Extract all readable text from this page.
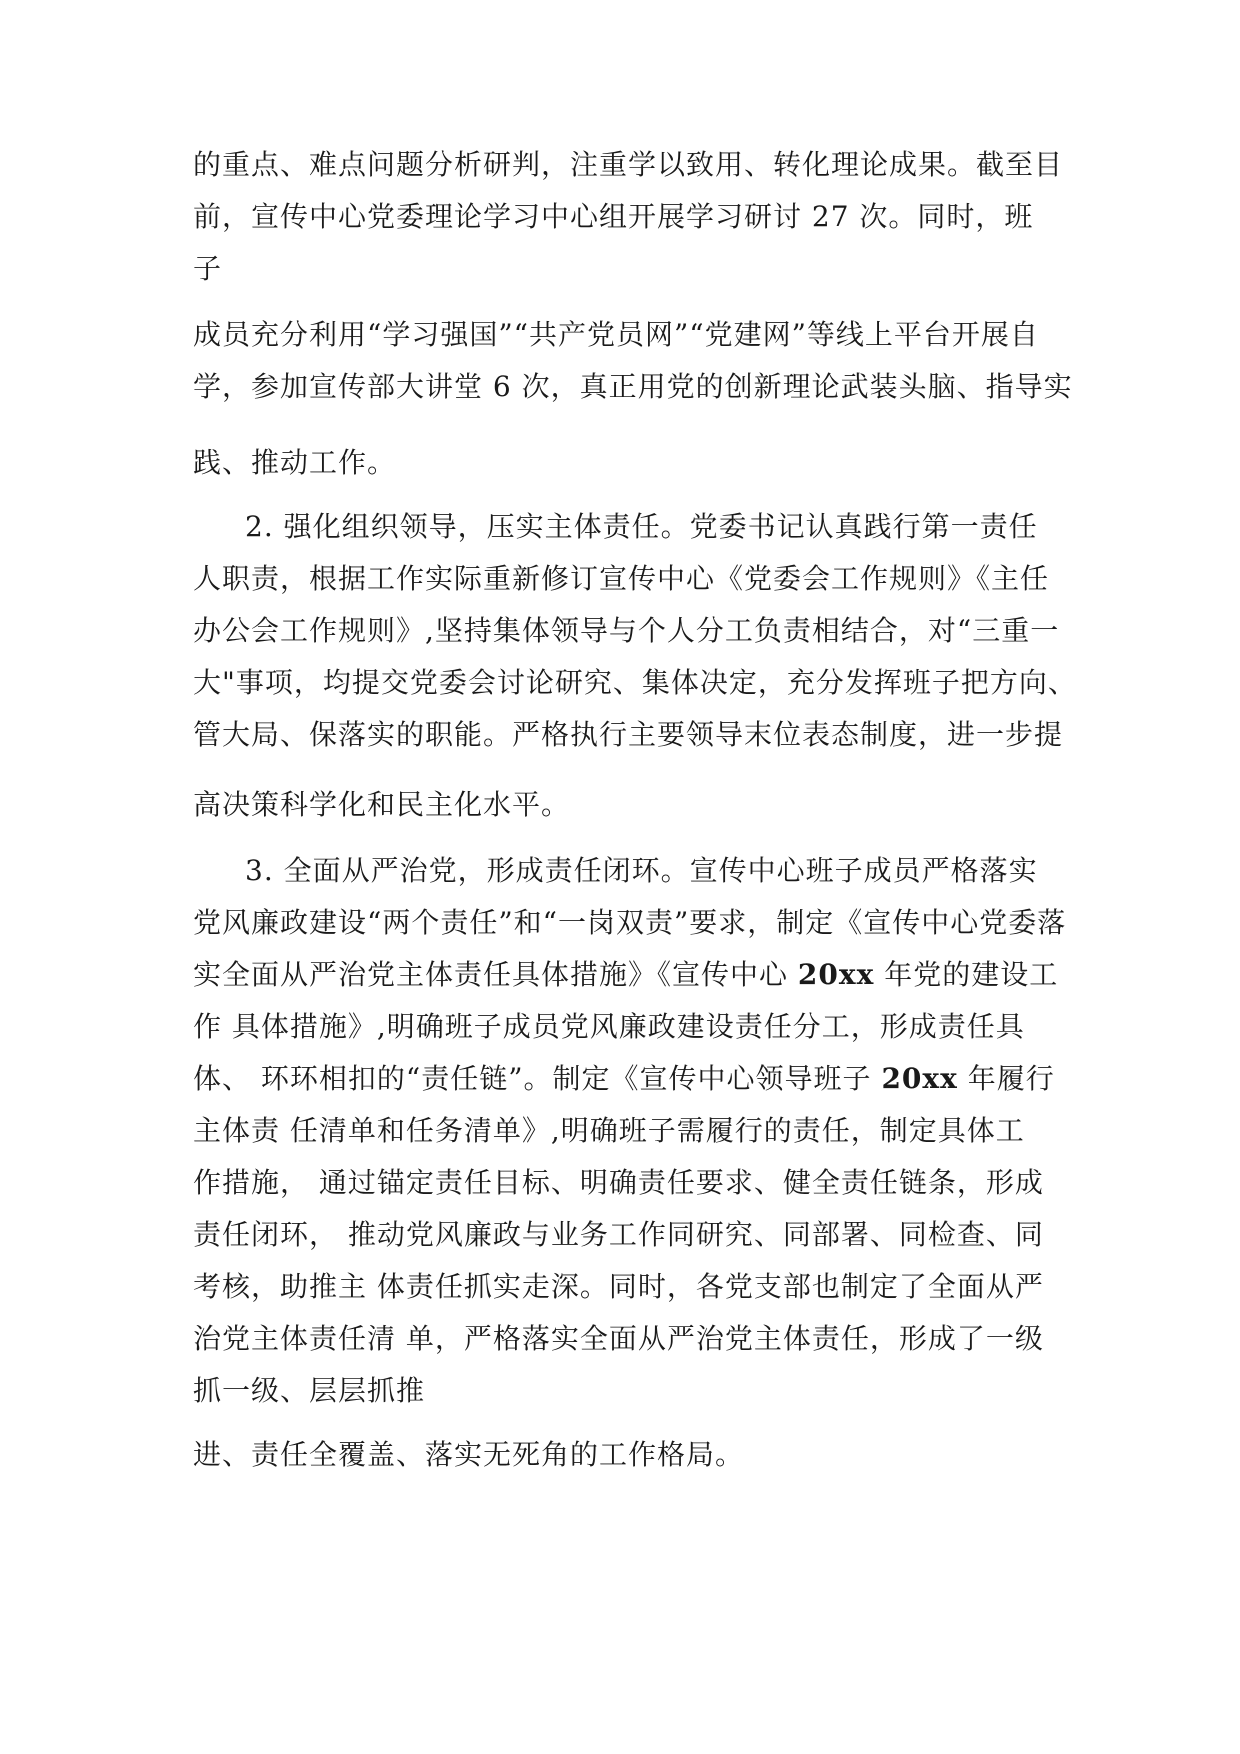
的重点、难点问题分析研判，注重学以致用、转化理论成果。截至目
前，宣传中心党委理论学习中心组开展学习研讨 27 次。同时，班
子
成员充分利用“学习强国”“共产党员网”“党建网”等线上平台开展自
学，参加宣传部大讲堂 6 次，真正用党的创新理论武装头脑、指导实
践、推动工作。
2. 强化组织领导，压实主体责任。党委书记认真践行第一责任
人职责，根据工作实际重新修订宣传中心《党委会工作规则》《主任
办公会工作规则》,坚持集体领导与个人分工负责相结合，对“三重一
大"事项，均提交党委会讨论研究、集体决定，充分发挥班子把方向、
管大局、保落实的职能。严格执行主要领导末位表态制度，进一步提
高决策科学化和民主化水平。
3. 全面从严治党，形成责任闭环。宣传中心班子成员严格落实
党风廉政建设“两个责任”和“一岗双责”要求，制定《宣传中心党委落
实全面从严治党主体责任具体措施》《宣传中心 20xx 年党的建设工
作 具体措施》,明确班子成员党风廉政建设责任分工，形成责任具
体、 环环相扣的“责任链”。制定《宣传中心领导班子 20xx 年履行
主体责 任清单和任务清单》,明确班子需履行的责任，制定具体工
作措施， 通过锚定责任目标、明确责任要求、健全责任链条，形成
责任闭环， 推动党风廉政与业务工作同研究、同部署、同检查、同
考核，助推主 体责任抓实走深。同时，各党支部也制定了全面从严
治党主体责任清 单，严格落实全面从严治党主体责任，形成了一级
抓一级、层层抓推
进、责任全覆盖、落实无死角的工作格局。
